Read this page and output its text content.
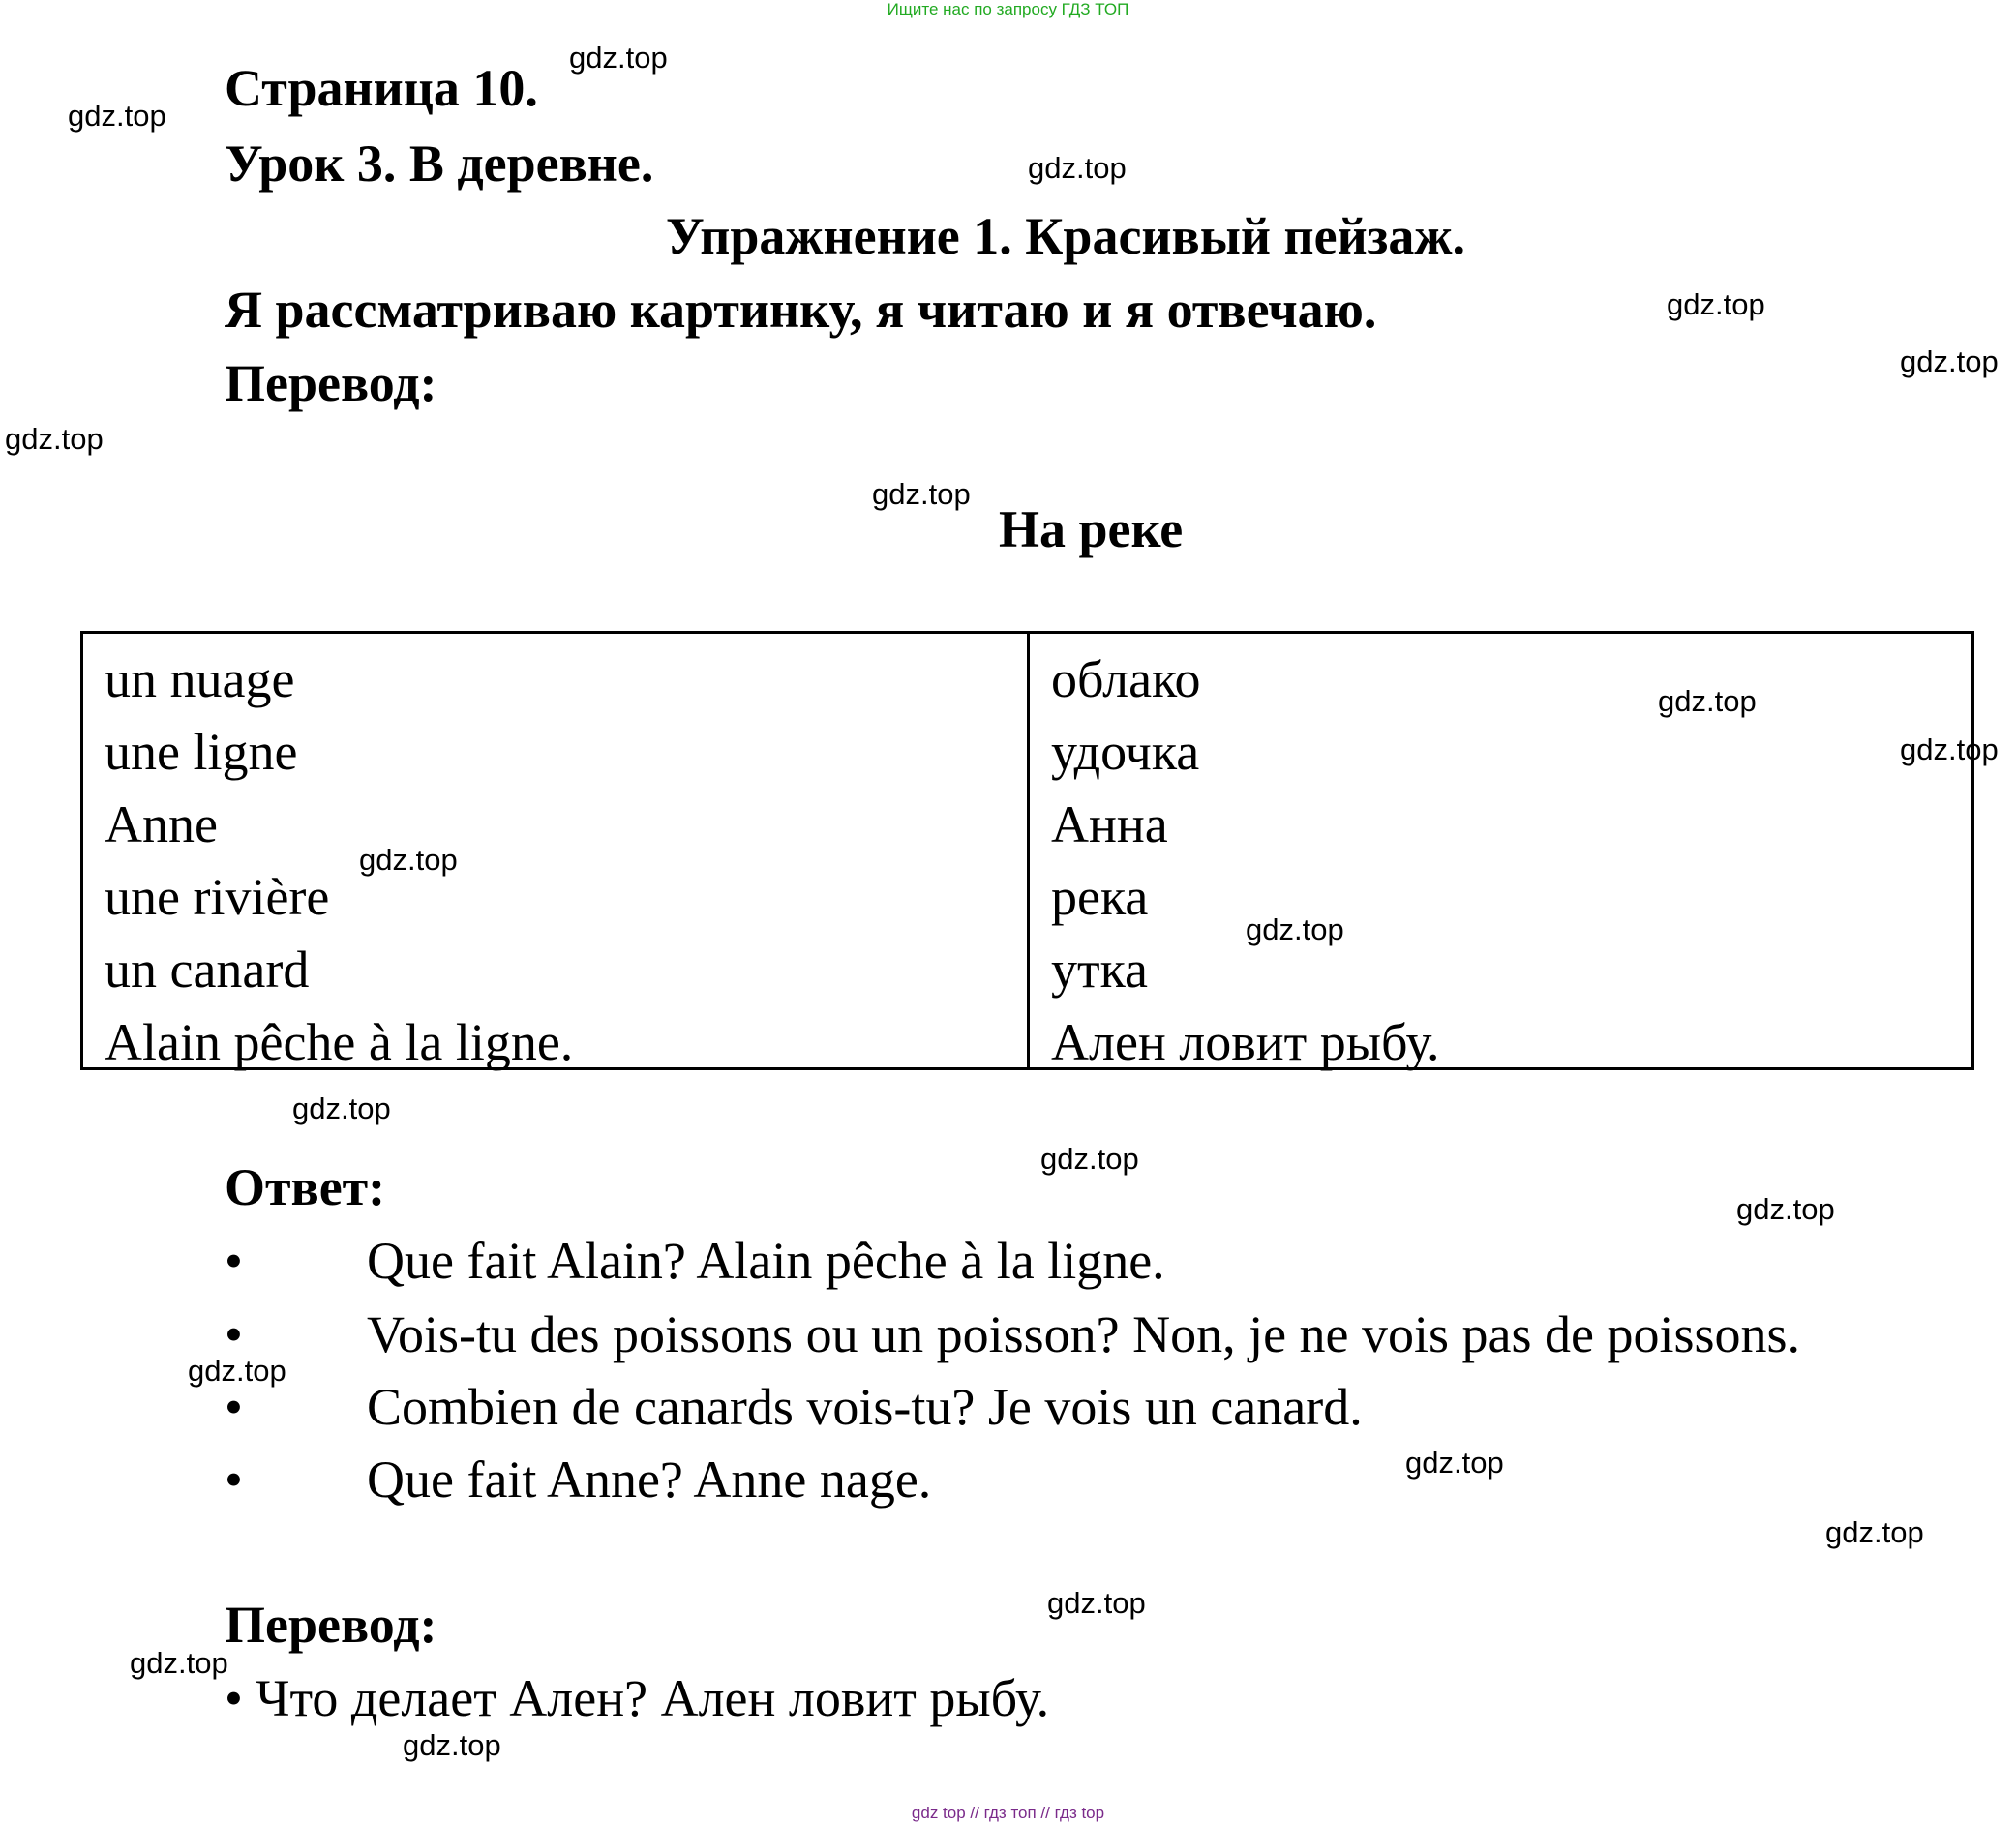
Ищите нас по запросу ГДЗ ТОП
Страница 10.
Урок 3. В деревне.
Упражнение 1. Красивый пейзаж.
Я рассматриваю картинку, я читаю и я отвечаю.
Перевод:
На реке
un nuage
une ligne
Anne
une rivière
un canard
Alain pêche à la ligne.
облако
удочка
Анна
река
утка
Ален ловит рыбу.
Ответ:
• Que fait Alain? Alain pêche à la ligne.
• Vois-tu des poissons ou un poisson? Non, je ne vois pas de poissons.
• Combien de canards vois-tu? Je vois un canard.
• Que fait Anne? Anne nage.
Перевод:
• Что делает Ален? Ален ловит рыбу.
gdz.top
gdz.top
gdz.top
gdz.top
gdz.top
gdz.top
gdz.top
gdz.top
gdz.top
gdz.top
gdz.top
gdz.top
gdz.top
gdz.top
gdz.top
gdz.top
gdz.top
gdz.top
gdz.top
gdz.top
gdz top // гдз топ // гдз top
